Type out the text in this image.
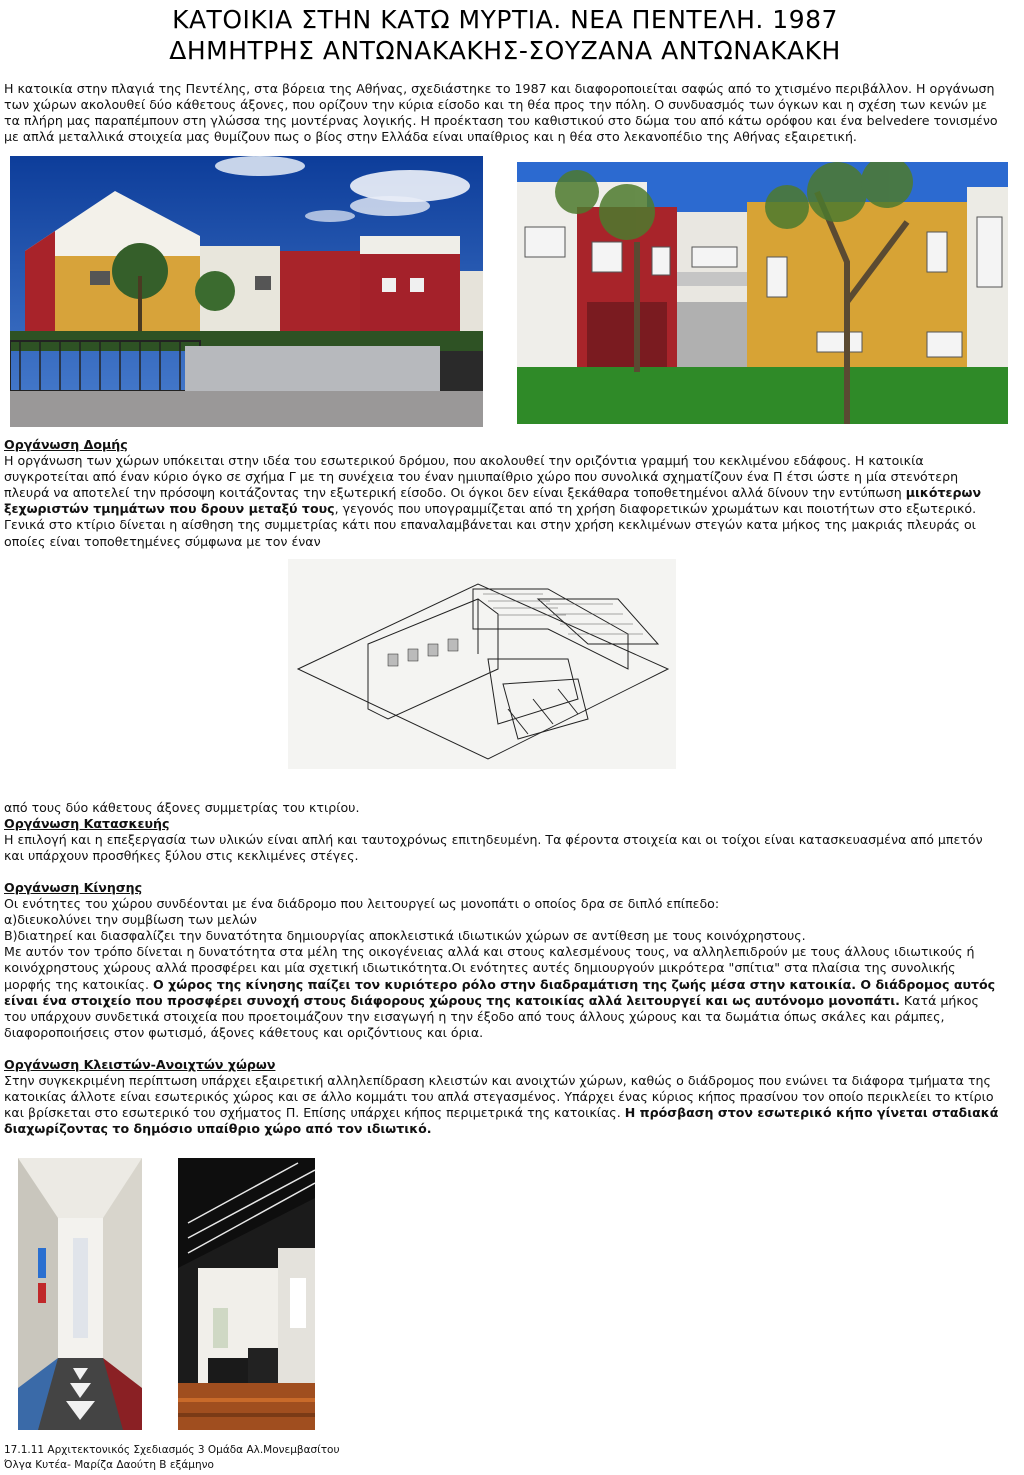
ΚΑΤΟΙΚΙΑ ΣΤΗΝ ΚΑΤΩ ΜΥΡΤΙΑ. ΝΕΑ ΠΕΝΤΕΛΗ. 1987
ΔΗΜΗΤΡΗΣ ΑΝΤΩΝΑΚΑΚΗΣ-ΣΟΥΖΑΝΑ ΑΝΤΩΝΑΚΑΚΗ

Η κατοικία στην πλαγιά της Πεντέλης, στα βόρεια της Αθήνας, σχεδιάστηκε το 1987 και διαφοροποιείται σαφώς από το χτισμένο περιβάλλον. Η οργάνωση των χώρων ακολουθεί δύο κάθετους άξονες, που ορίζουν την κύρια είσοδο και τη θέα προς την πόλη. Ο συνδυασμός των όγκων και η σχέση των κενών με τα πλήρη μας παραπέμπουν στη γλώσσα της μοντέρνας λογικής. Η προέκταση του καθιστικού στο δώμα του από κάτω ορόφου και ένα belvedere τονισμένο με απλά μεταλλικά στοιχεία μας θυμίζουν πως ο βίος στην Ελλάδα είναι υπαίθριος και η θέα στο λεκανοπέδιο της Αθήνας εξαιρετική.

Οργάνωση Δομής

Η οργάνωση των χώρων υπόκειται στην ιδέα του εσωτερικού δρόμου, που ακολουθεί την οριζόντια γραμμή του κεκλιμένου εδάφους. Η κατοικία συγκροτείται από έναν κύριο όγκο σε σχήμα Γ με τη συνέχεια του έναν ημιυπαίθριο χώρο που συνολικά σχηματίζουν ένα Π έτσι ώστε η μία στενότερη πλευρά να αποτελεί την πρόσοψη κοιτάζοντας την εξωτερική είσοδο. Οι όγκοι δεν είναι ξεκάθαρα τοποθετημένοι αλλά δίνουν την εντύπωση μικότερων ξεχωριστών τμημάτων που δρουν μεταξύ τους, γεγονός που υπογραμμίζεται από τη χρήση διαφορετικών χρωμάτων και ποιοτήτων στο εξωτερικό. Γενικά στο κτίριο δίνεται η αίσθηση της συμμετρίας κάτι που επαναλαμβάνεται και στην χρήση κεκλιμένων στεγών κατα μήκος της μακριάς πλευράς οι οποίες είναι τοποθετημένες σύμφωνα με τον έναν

από τους δύο κάθετους άξονες συμμετρίας του κτιρίου.

Οργάνωση Κατασκευής

Η επιλογή και η επεξεργασία των υλικών είναι απλή και ταυτοχρόνως επιτηδευμένη. Τα φέροντα στοιχεία και οι τοίχοι είναι κατασκευασμένα από μπετόν και υπάρχουν προσθήκες ξύλου στις κεκλιμένες στέγες.

Οργάνωση Κίνησης

Οι ενότητες του χώρου συνδέονται με ένα διάδρομο που λειτουργεί ως μονοπάτι ο οποίος δρα σε διπλό επίπεδο:

α)διευκολύνει την συμβίωση των μελών

Β)διατηρεί και διασφαλίζει την δυνατότητα δημιουργίας αποκλειστικά ιδιωτικών χώρων σε αντίθεση με τους κοινόχρηστους.

Με αυτόν τον τρόπο δίνεται η δυνατότητα στα μέλη της οικογένειας αλλά και στους καλεσμένους τους, να αλληλεπιδρούν με τους άλλους ιδιωτικούς ή κοινόχρηστους χώρους αλλά προσφέρει και μία σχετική ιδιωτικότητα.Οι ενότητες αυτές δημιουργούν μικρότερα "σπίτια" στα πλαίσια της συνολικής μορφής της κατοικίας. Ο χώρος της κίνησης παίζει τον κυριότερο ρόλο στην διαδραμάτιση της ζωής μέσα στην κατοικία. Ο διάδρομος αυτός είναι ένα στοιχείο που προσφέρει συνοχή στους διάφορους χώρους της κατοικίας αλλά λειτουργεί και ως αυτόνομο μονοπάτι. Κατά μήκος του υπάρχουν συνδετικά στοιχεία που προετοιμάζουν την εισαγωγή η την έξοδο από τους άλλους χώρους και τα δωμάτια όπως σκάλες και ράμπες, διαφοροποιήσεις στον φωτισμό, άξονες κάθετους και οριζόντιους και όρια.

Οργάνωση Κλειστών-Ανοιχτών χώρων

Στην συγκεκριμένη περίπτωση υπάρχει εξαιρετική αλληλεπίδραση κλειστών και ανοιχτών χώρων, καθώς ο διάδρομος που ενώνει τα διάφορα τμήματα της κατοικίας άλλοτε είναι εσωτερικός χώρος και σε άλλο κομμάτι του απλά στεγασμένος. Υπάρχει ένας κύριος κήπος πρασίνου τον οποίο περικλείει το κτίριο και βρίσκεται στο εσωτερικό του σχήματος Π. Επίσης υπάρχει κήπος περιμετρικά της κατοικίας. Η πρόσβαση στον εσωτερικό κήπο γίνεται σταδιακά διαχωρίζοντας το δημόσιο υπαίθριο χώρο από τον ιδιωτικό.

17.1.11 Αρχιτεκτονικός Σχεδιασμός 3 Ομάδα Αλ.Μονεμβασίτου
Όλγα Κυτέα- Μαρίζα Δαούτη Β εξάμηνο
